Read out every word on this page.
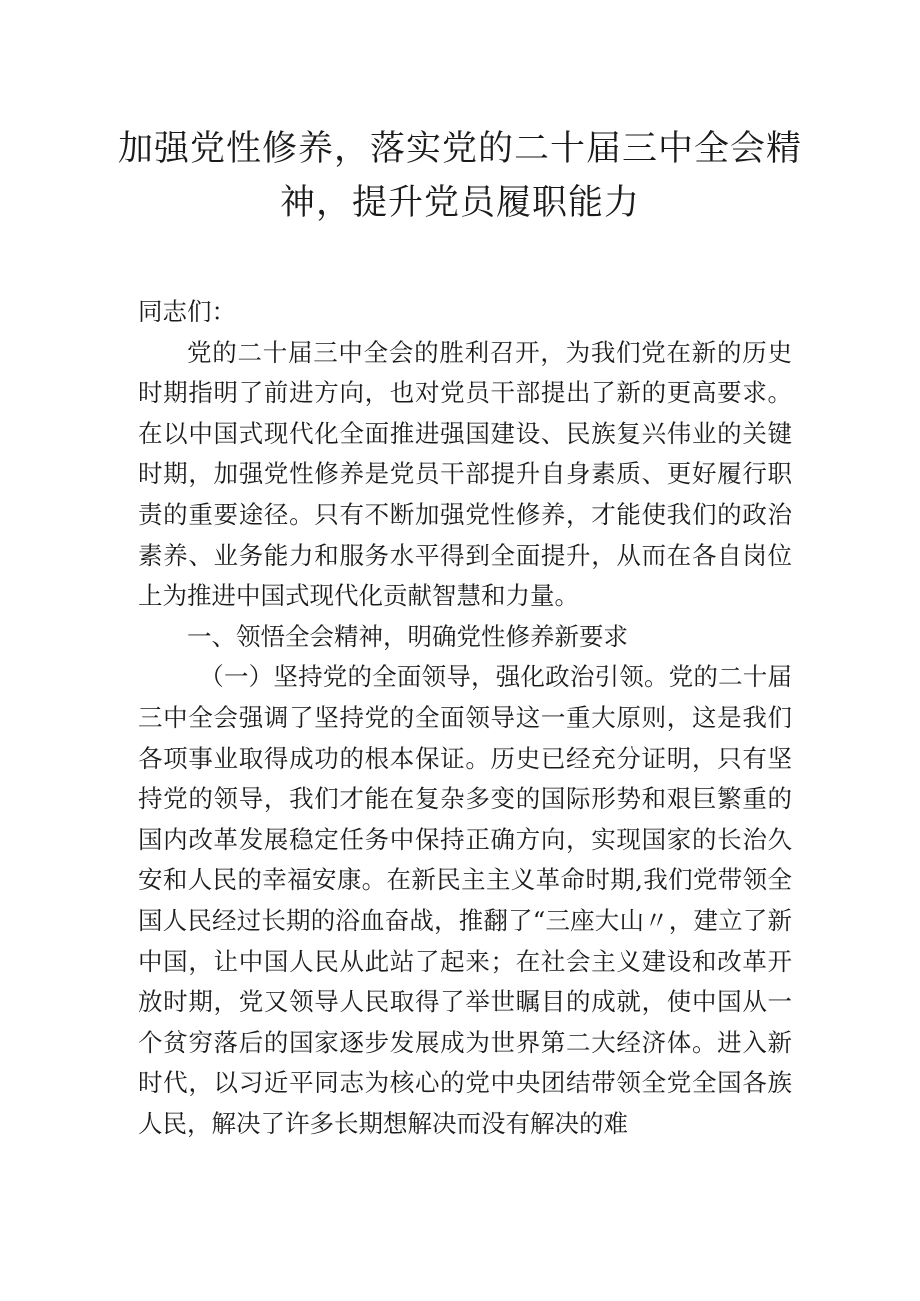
加强党性修养，落实党的二十届三中全会精
神，提升党员履职能力

同志们：

党的二十届三中全会的胜利召开，为我们党在新的历史时期指明了前进方向，也对党员干部提出了新的更高要求。在以中国式现代化全面推进强国建设、民族复兴伟业的关键时期，加强党性修养是党员干部提升自身素质、更好履行职责的重要途径。只有不断加强党性修养，才能使我们的政治素养、业务能力和服务水平得到全面提升，从而在各自岗位上为推进中国式现代化贡献智慧和力量。

一、领悟全会精神，明确党性修养新要求

（一）坚持党的全面领导，强化政治引领。党的二十届三中全会强调了坚持党的全面领导这一重大原则，这是我们各项事业取得成功的根本保证。历史已经充分证明，只有坚持党的领导，我们才能在复杂多变的国际形势和艰巨繁重的国内改革发展稳定任务中保持正确方向，实现国家的长治久安和人民的幸福安康。在新民主主义革命时期,我们党带领全国人民经过长期的浴血奋战，推翻了“三座大山〃，建立了新中国，让中国人民从此站了起来；在社会主义建设和改革开放时期，党又领导人民取得了举世瞩目的成就，使中国从一个贫穷落后的国家逐步发展成为世界第二大经济体。进入新时代，以习近平同志为核心的党中央团结带领全党全国各族人民，解决了许多长期想解决而没有解决的难
